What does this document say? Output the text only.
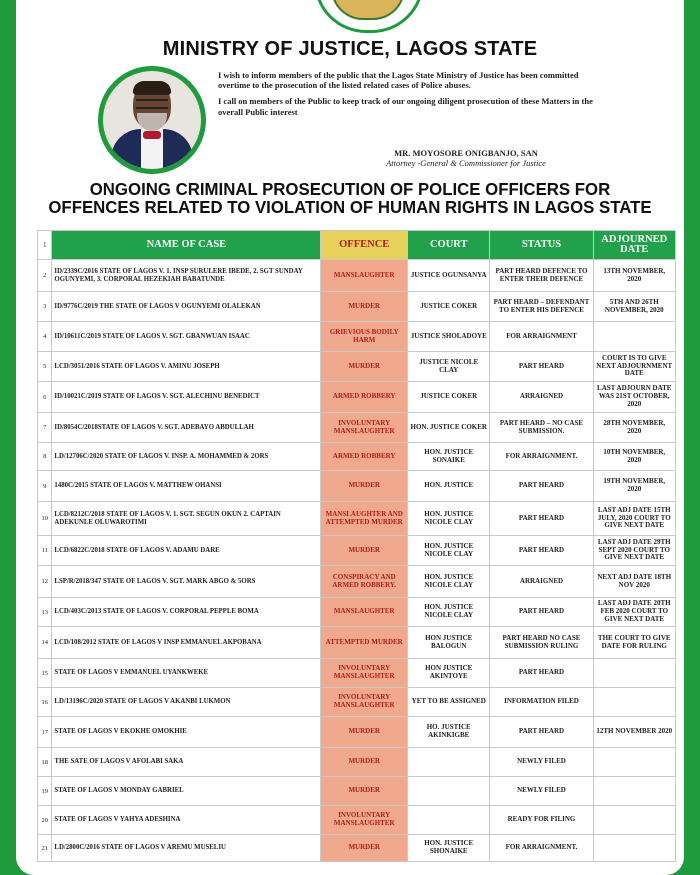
MINISTRY OF JUSTICE, LAGOS STATE

I wish to inform members of the public that the Lagos State Ministry of Justice has been committed overtime to the prosecution of the listed related cases of Police abuses.

I call on members of the Public to keep track of our ongoing diligent prosecution of these Matters in the overall Public interest

MR. MOYOSORE ONIGBANJO, SAN
Attorney -General & Commissioner for Justice
ONGOING CRIMINAL PROSECUTION OF POLICE OFFICERS FOR
OFFENCES RELATED TO VIOLATION OF HUMAN RIGHTS IN LAGOS STATE
1	NAME OF CASE	OFFENCE	COURT	STATUS	ADJOURNED DATE
2	ID/2339C/2016 STATE OF LAGOS V. 1. INSP SURULERE IBEDE, 2. SGT SUNDAY OGUNYEMI, 3. CORPORAL HEZEKIAH BABATUNDE	MANSLAUGHTER	JUSTICE OGUNSANYA	PART HEARD DEFENCE TO ENTER THEIR DEFENCE	13TH NOVEMBER, 2020
3	ID/9776C/2019 THE STATE OF LAGOS V OGUNYEMI OLALEKAN	MURDER	JUSTICE COKER	PART HEARD – DEFENDANT TO ENTER HIS DEFENCE	5TH AND 26TH NOVEMBER, 2020
4	ID/10611C/2019 STATE OF LAGOS V. SGT. GBANWUAN ISAAC	GRIEVIOUS BODILY HARM	JUSTICE SHOLADOYE	FOR ARRAIGNMENT	
5	LCD/3051/2016 STATE OF LAGOS V. AMINU JOSEPH	MURDER	JUSTICE NICOLE CLAY	PART HEARD	COURT IS TO GIVE NEXT ADJOURNMENT DATE
6	ID/10021C/2019 STATE OF LAGOS V. SGT. ALECHINU BENEDICT	ARMED ROBBERY	JUSTICE COKER	ARRAIGNED	LAST ADJOURN DATE WAS 21ST OCTOBER, 2020
7	ID/8054C/2018STATE OF LAGOS V. SGT. ADEBAYO ABDULLAH	INVOLUNTARY MANSLAUGHTER	HON. JUSTICE COKER	PART HEARD – NO CASE SUBMISSION.	28TH NOVEMBER, 2020
8	LD/12706C/2020 STATE OF LAGOS V. INSP. A. MOHAMMED & 2ORS	ARMED ROBBERY	HON. JUSTICE SONAIKE	FOR ARRAIGNMENT.	10TH NOVEMBER, 2020
9	1480C/2015 STATE OF LAGOS V. MATTHEW OHANSI	MURDER	HON. JUSTICE	PART HEARD	19TH NOVEMBER, 2020
10	LCD/8212C/2018 STATE OF LAGOS V. 1. SGT. SEGUN OKUN 2. CAPTAIN ADEKUNLE OLUWAROTIMI	MANSLAUGHTER AND ATTEMPTED MURDER	HON. JUSTICE NICOLE CLAY	PART HEARD	LAST ADJ DATE 15TH JULY, 2020 COURT TO GIVE NEXT DATE
11	LCD/6822C/2018 STATE OF LAGOS V. ADAMU DARE	MURDER	HON. JUSTICE NICOLE CLAY	PART HEARD	LAST ADJ DATE 29TH SEPT 2020 COURT TO GIVE NEXT DATE
12	LSP/R/2018/347 STATE OF LAGOS V. SGT. MARK ABGO & 5ORS	CONSPIRACY AND ARMED ROBBERY.	HON. JUSTICE NICOLE CLAY	ARRAIGNED	NEXT ADJ DATE 18TH NOV 2020
13	LCD/403C/2013 STATE OF LAGOS V. CORPORAL PEPPLE BOMA	MANSLAUGHTER	HON. JUSTICE NICOLE CLAY	PART HEARD	LAST ADJ DATE 20TH FEB 2020 COURT TO GIVE NEXT DATE
14	LCD/108/2012 STATE OF LAGOS V INSP EMMANUEL AKPOBANA	ATTEMPTED MURDER	HON JUSTICE BALOGUN	PART HEARD NO CASE SUBMISSION RULING	THE COURT TO GIVE DATE FOR RULING
15	STATE OF LAGOS V EMMANUEL UYANKWEKE	INVOLUNTARY MANSLAUGHTER	HON JUSTICE AKINTOYE	PART HEARD	
16	LD/13196C/2020 STATE OF LAGOS V AKANBI LUKMON	INVOLUNTARY MANSLAUGHTER	YET TO BE ASSIGNED	INFORMATION FILED	
17	STATE OF LAGOS V EKOKHE OMOKHIE	MURDER	HO. JUSTICE AKINKIGBE	PART HEARD	12TH NOVEMBER 2020
18	THE SATE OF LAGOS V AFOLABI SAKA	MURDER		NEWLY FILED	
19	STATE OF LAGOS V MONDAY GABRIEL	MURDER		NEWLY FILED	
20	STATE OF LAGOS V YAHYA ADESHINA	INVOLUNTARY MANSLAUGHTER		READY FOR FILING	
21	LD/2800C/2016 STATE OF LAGOS V AREMU MUSELIU	MURDER	HON. JUSTICE SHONAIKE	FOR ARRAIGNMENT.	
